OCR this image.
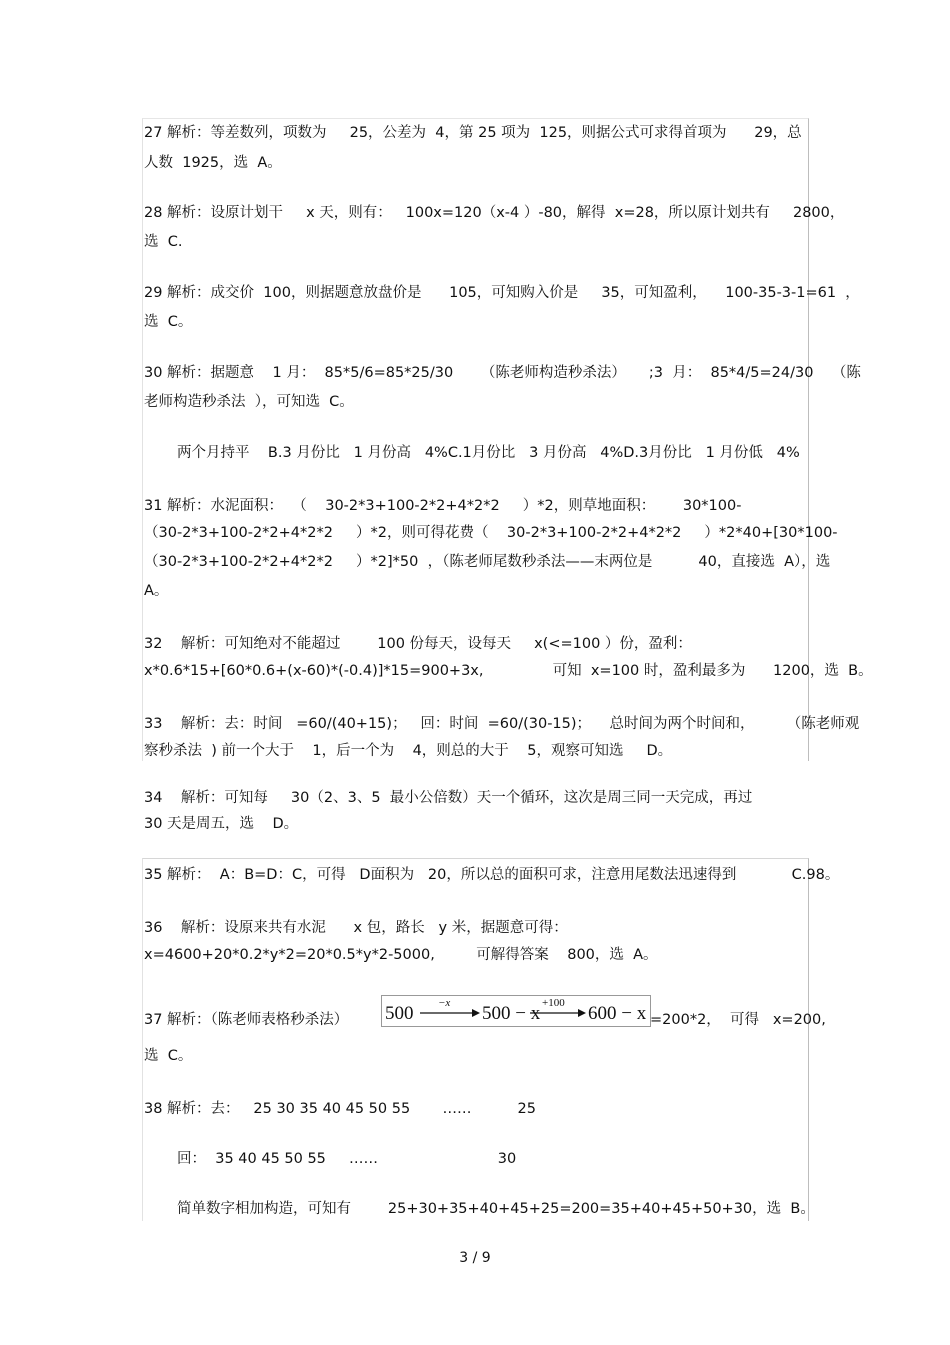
27 解析：等差数列，项数为     25，公差为  4，第 25 项为  125，则据公式可求得首项为      29，总
人数  1925，选  A。
28 解析：设原计划干     x 天，则有：   100x=120（x-4 ）-80，解得  x=28，所以原计划共有     2800，
选  C.
29 解析：成交价  100，则据题意放盘价是      105，可知购入价是     35，可知盈利，    100-35-3-1=61  ，
选  C。
30 解析：据题意    1 月：  85*5/6=85*25/30      （陈老师构造秒杀法）     ;3  月：  85*4/5=24/30    （陈
老师构造秒杀法  ），可知选  C。
两个月持平    B.3 月份比   1 月份高   4%C.1月份比   3 月份高   4%D.3月份比   1 月份低   4%
31 解析：水泥面积：  （    30-2*3+100-2*2+4*2*2     ）*2，则草地面积：      30*100-
（30-2*3+100-2*2+4*2*2     ）*2，则可得花费（    30-2*3+100-2*2+4*2*2     ）*2*40+[30*100-
（30-2*3+100-2*2+4*2*2     ）*2]*50  ，（陈老师尾数秒杀法——末两位是          40，直接选  A），选
A。
32    解析：可知绝对不能超过        100 份每天，设每天     x(<=100 ）份，盈利：
x*0.6*15+[60*0.6+(x-60)*(-0.4)]*15=900+3x,               可知  x=100 时，盈利最多为      1200，选  B。
33    解析：去：时间   =60/(40+15)；   回：时间  =60/(30-15)；    总时间为两个时间和，       （陈老师观
察秒杀法  ) 前一个大于    1，后一个为    4，则总的大于    5，观察可知选     D。
34    解析：可知每     30（2、3、5  最小公倍数）天一个循环，这次是周三同一天完成，再过
30 天是周五，选    D。
35 解析：  A：B=D：C，可得   D面积为   20，所以总的面积可求，注意用尾数法迅速得到            C.98。
36    解析：设原来共有水泥      x 包，路长   y 米，据题意可得：
x=4600+20*0.2*y*2=20*0.5*y*2-5000,         可解得答案    800，选  A。
37 解析：（陈老师表格秒杀法） 500 −x 500 − x +100 600 − x =200*2，  可得   x=200,
选  C。
38 解析：去：   25 30 35 40 45 50 55       ……          25
回：  35 40 45 50 55     ……                          30
简单数字相加构造，可知有        25+30+35+40+45+25=200=35+40+45+50+30，选  B。
3 / 9
